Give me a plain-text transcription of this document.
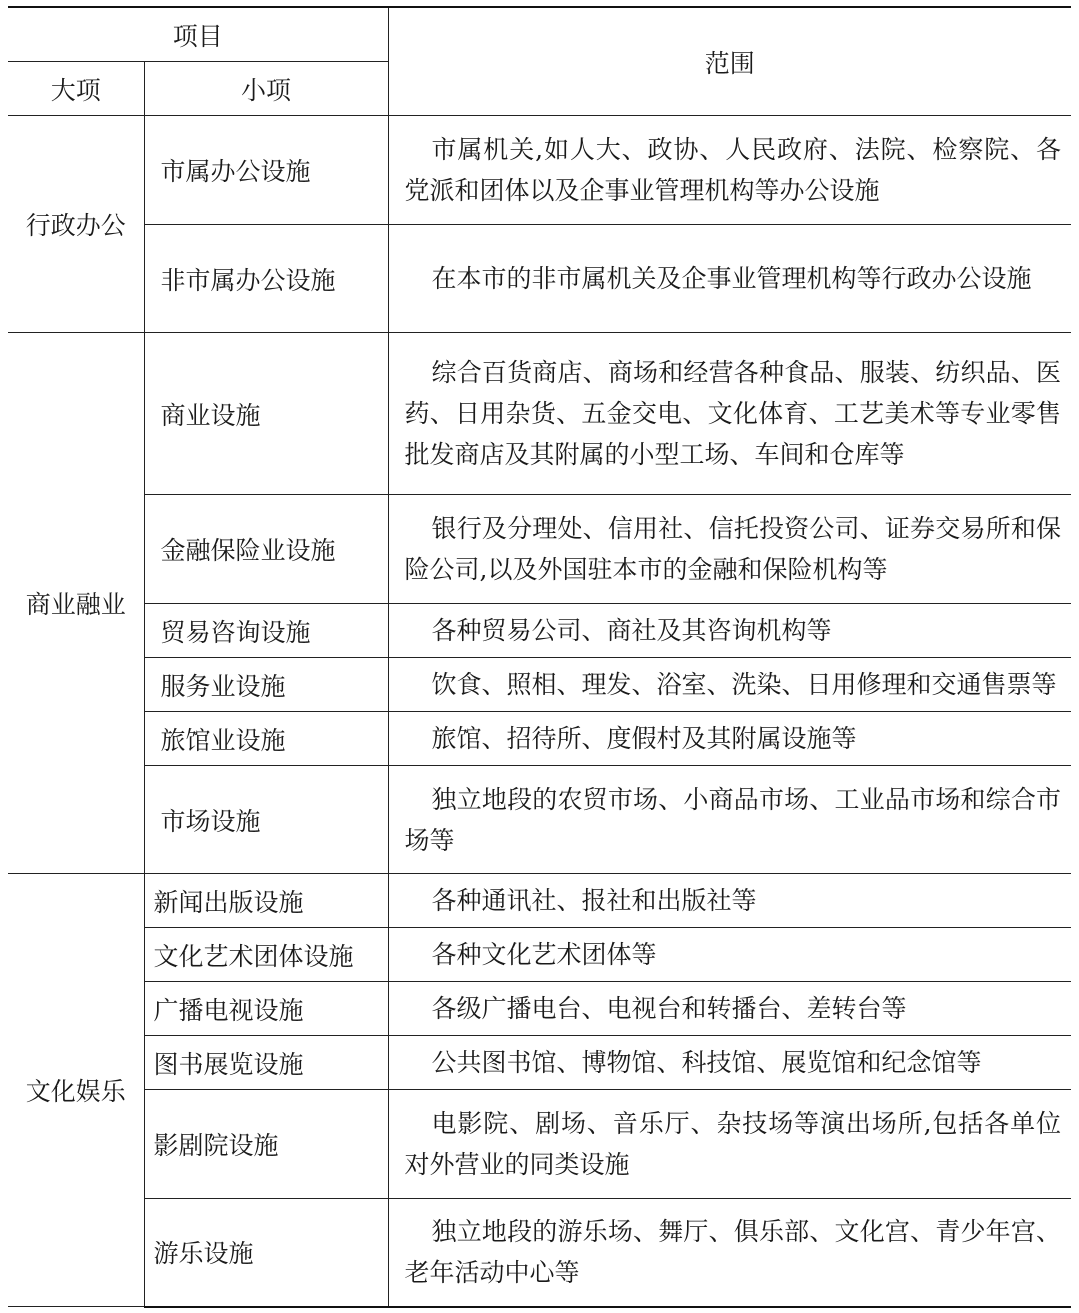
项目		范围
大项	小项	
行政办公	市属办公设施	市属机关,如人大、政协、人民政府、法院、检察院、各党派和团体以及企事业管理机构等办公设施

	非市属办公设施	在本市的非市属机关及企事业管理机构等行政办公设施

商业融业	商业设施	综合百货商店、商场和经营各种食品、服装、纺织品、医药、日用杂货、五金交电、文化体育、工艺美术等专业零售批发商店及其附属的小型工场、车间和仓库等

	金融保险业设施	银行及分理处、信用社、信托投资公司、证券交易所和保险公司,以及外国驻本市的金融和保险机构等

	贸易咨询设施	各种贸易公司、商社及其咨询机构等

	服务业设施	饮食、照相、理发、浴室、洗染、日用修理和交通售票等

	旅馆业设施	旅馆、招待所、度假村及其附属设施等

	市场设施	独立地段的农贸市场、小商品市场、工业品市场和综合市场等

文化娱乐	新闻出版设施	各种通讯社、报社和出版社等

	文化艺术团体设施	各种文化艺术团体等

	广播电视设施	各级广播电台、电视台和转播台、差转台等

	图书展览设施	公共图书馆、博物馆、科技馆、展览馆和纪念馆等

	影剧院设施	电影院、剧场、音乐厅、杂技场等演出场所,包括各单位对外营业的同类设施

	游乐设施	独立地段的游乐场、舞厅、俱乐部、文化宫、青少年宫、老年活动中心等
